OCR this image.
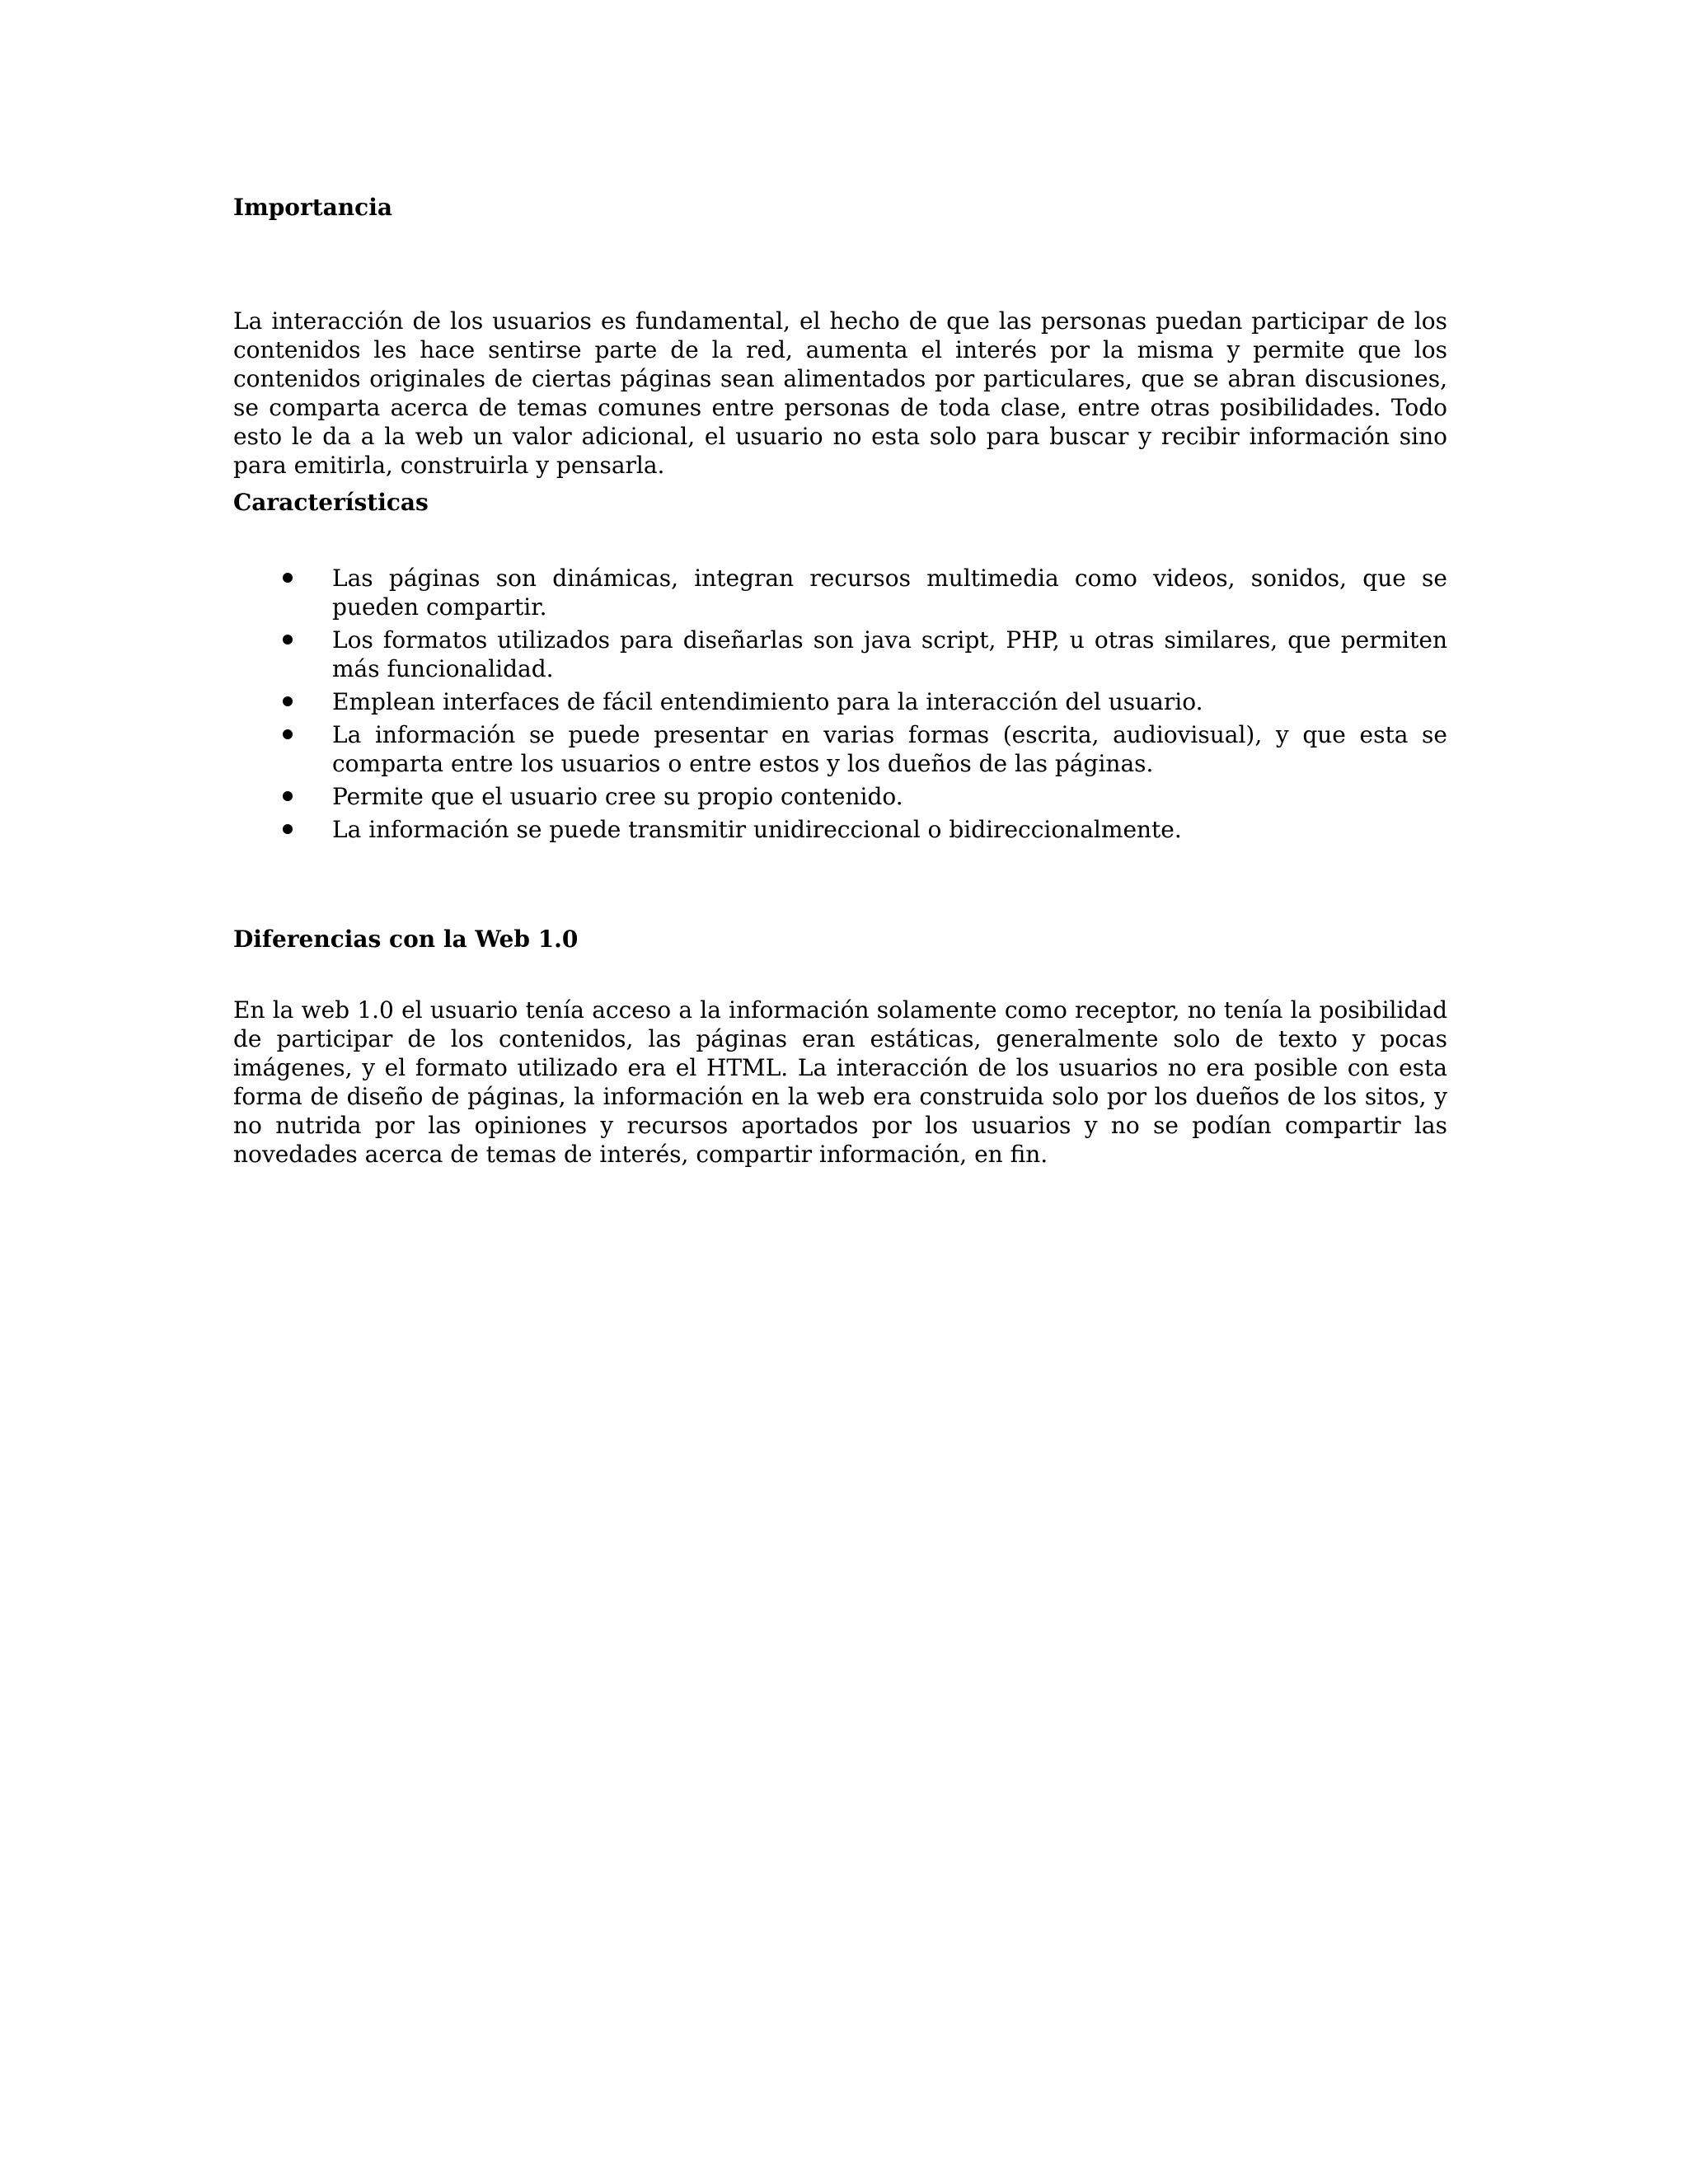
Importancia

La interacción de los usuarios es fundamental, el hecho de que las personas puedan participar de los contenidos les hace sentirse parte de la red, aumenta el interés por la misma y permite que los contenidos originales de ciertas páginas sean alimentados por particulares, que se abran discusiones, se comparta acerca de temas comunes entre personas de toda clase, entre otras posibilidades. Todo esto le da a la web un valor adicional, el usuario no esta solo para buscar y recibir información sino para emitirla, construirla y pensarla.

Características
Las páginas son dinámicas, integran recursos multimedia como videos, sonidos, que se pueden compartir.
Los formatos utilizados para diseñarlas son java script, PHP, u otras similares, que permiten más funcionalidad.
Emplean interfaces de fácil entendimiento para la interacción del usuario.
La información se puede presentar en varias formas (escrita, audiovisual), y que esta se comparta entre los usuarios o entre estos y los dueños de las páginas.
Permite que el usuario cree su propio contenido.
La información se puede transmitir unidireccional o bidireccionalmente.
Diferencias con la Web 1.0

En la web 1.0 el usuario tenía acceso a la información solamente como receptor, no tenía la posibilidad de participar de los contenidos, las páginas eran estáticas, generalmente solo de texto y pocas imágenes, y el formato utilizado era el HTML. La interacción de los usuarios no era posible con esta forma de diseño de páginas, la información en la web era construida solo por los dueños de los sitos, y no nutrida por las opiniones y recursos aportados por los usuarios y no se podían compartir las novedades acerca de temas de interés, compartir información, en fin.
